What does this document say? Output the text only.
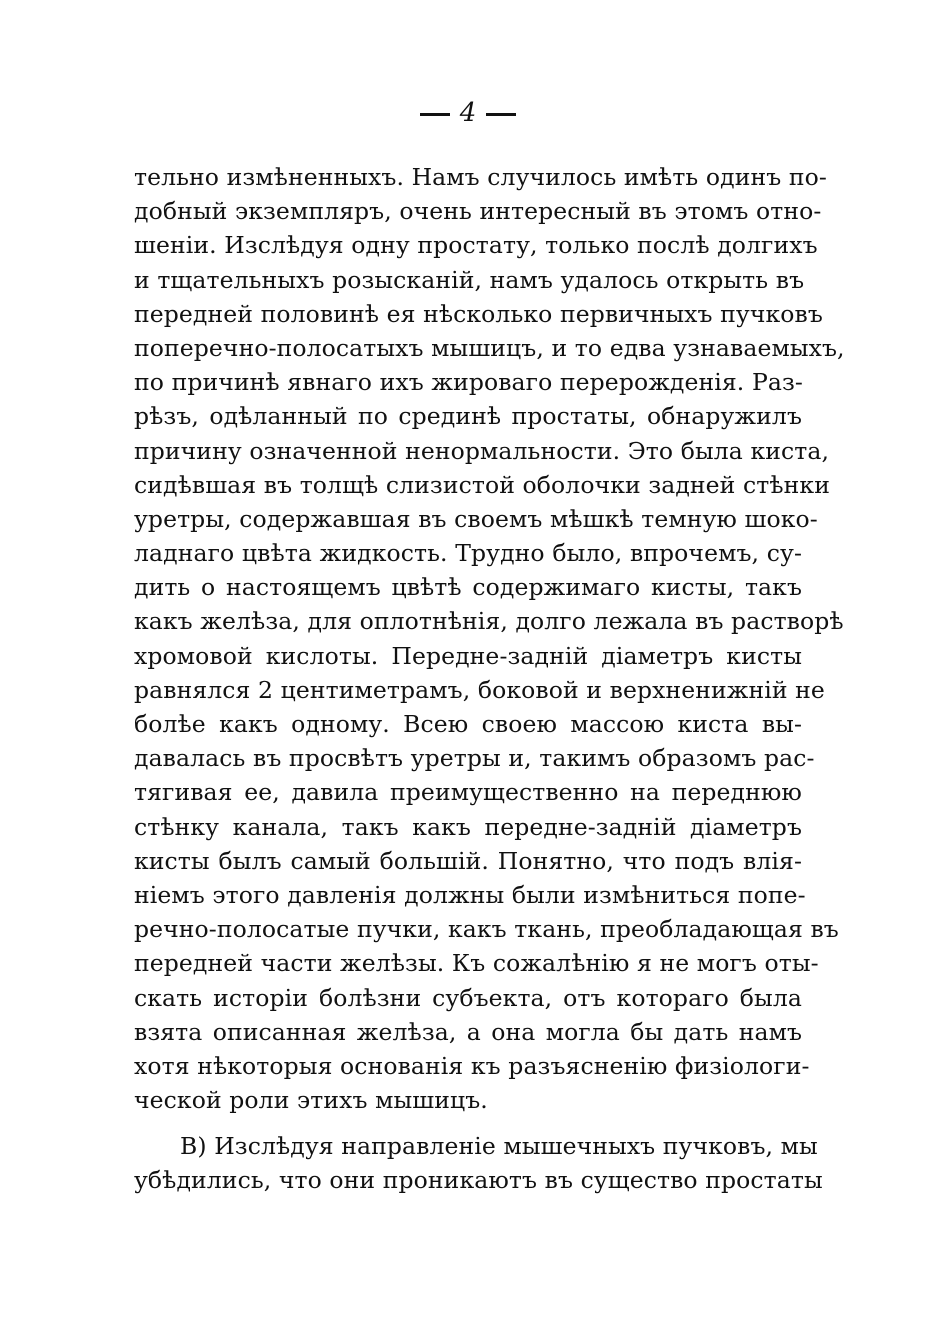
4
тельно измѣненныхъ. Намъ случилось имѣть одинъ по-
добный экземпляръ, очень интересный въ этомъ отно-
шеніи. Изслѣдуя одну простату, только послѣ долгихъ
и тщательныхъ розысканій, намъ удалось открыть въ
передней половинѣ ея нѣсколько первичныхъ пучковъ
поперечно-полосатыхъ мышицъ, и то едва узнаваемыхъ,
по причинѣ явнаго ихъ жироваго перерожденія. Раз-
рѣзъ, одѣланный по срединѣ простаты, обнаружилъ
причину означенной ненормальности. Это была киста,
сидѣвшая въ толщѣ слизистой оболочки задней стѣнки
уретры, содержавшая въ своемъ мѣшкѣ темную шоко-
ладнаго цвѣта жидкость. Трудно было, впрочемъ, су-
дить о настоящемъ цвѣтѣ содержимаго кисты, такъ
какъ желѣза, для оплотнѣнія, долго лежала въ растворѣ
хромовой кислоты. Передне-задній діаметръ кисты
равнялся 2 центиметрамъ, боковой и верхненижній не
болѣе какъ одному. Всею своею массою киста вы-
давалась въ просвѣтъ уретры и, такимъ образомъ рас-
тягивая ее, давила преимущественно на переднюю
стѣнку канала, такъ какъ передне-задній діаметръ
кисты былъ самый большій. Понятно, что подъ влія-
ніемъ этого давленія должны были измѣниться попе-
речно-полосатые пучки, какъ ткань, преобладающая въ
передней части желѣзы. Къ сожалѣнію я не могъ оты-
скать исторіи болѣзни субъекта, отъ котораго была
взята описанная желѣза, а она могла бы дать намъ
хотя нѣкоторыя основанія къ разъясненію физіологи-
ческой роли этихъ мышицъ.
В) Изслѣдуя направленіе мышечныхъ пучковъ, мы
убѣдились, что они проникаютъ въ существо простаты
